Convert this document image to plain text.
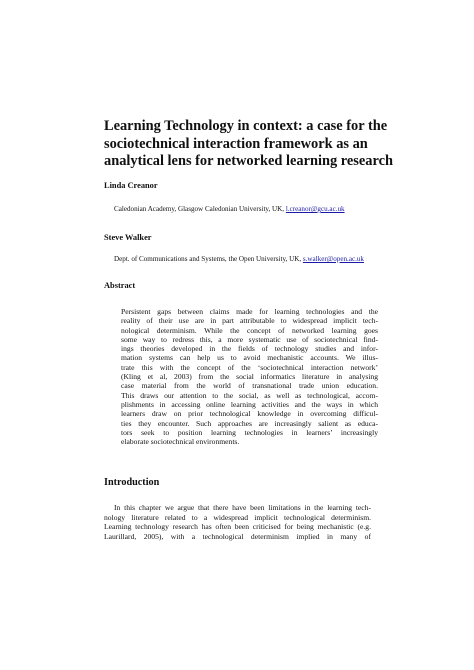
Learning Technology in context: a case for the
sociotechnical interaction framework as an
analytical lens for networked learning research

Linda Creanor

Caledonian Academy, Glasgow Caledonian University, UK, l.creanor@gcu.ac.uk

Steve Walker

Dept. of Communications and Systems, the Open University, UK, s.walker@open.ac.uk

Abstract
Persistent gaps between claims made for learning technologies and the
reality of their use are in part attributable to widespread implicit tech-
nological determinism. While the concept of networked learning goes
some way to redress this, a more systematic use of sociotechnical find-
ings theories developed in the fields of technology studies and infor-
mation systems can help us to avoid mechanistic accounts. We illus-
trate this with the concept of the ‘sociotechnical interaction network’
(Kling et al, 2003) from the social informatics literature in analysing
case material from the world of transnational trade union education.
This draws our attention to the social, as well as technological, accom-
plishments in accessing online learning activities and the ways in which
learners draw on prior technological knowledge in overcoming difficul-
ties they encounter. Such approaches are increasingly salient as educa-
tors seek to position learning technologies in learners’ increasingly
elaborate sociotechnical environments.
Introduction
In this chapter we argue that there have been limitations in the learning tech-
nology literature related to a widespread implicit technological determinism.
Learning technology research has often been criticised for being mechanistic (e.g.
Laurillard, 2005), with a technological determinism implied in many of
